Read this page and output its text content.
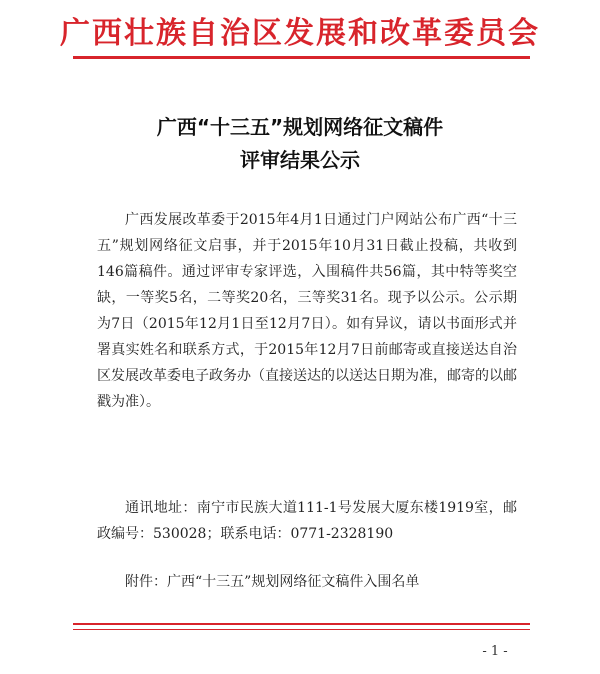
广西壮族自治区发展和改革委员会
广西“十三五”规划网络征文稿件
评审结果公示

广西发展改革委于2015年4月1日通过门户网站公布广西“十三五”规划网络征文启事，并于2015年10月31日截止投稿，共收到146篇稿件。通过评审专家评选，入围稿件共56篇，其中特等奖空缺，一等奖5名，二等奖20名，三等奖31名。现予以公示。公示期为7日（2015年12月1日至12月7日）。如有异议，请以书面形式并署真实姓名和联系方式，于2015年12月7日前邮寄或直接送达自治区发展改革委电子政务办（直接送达的以送达日期为准，邮寄的以邮戳为准）。

通讯地址：南宁市民族大道111-1号发展大厦东楼1919室，邮政编号：530028；联系电话：0771-2328190

附件：广西“十三五”规划网络征文稿件入围名单

- 1 -
